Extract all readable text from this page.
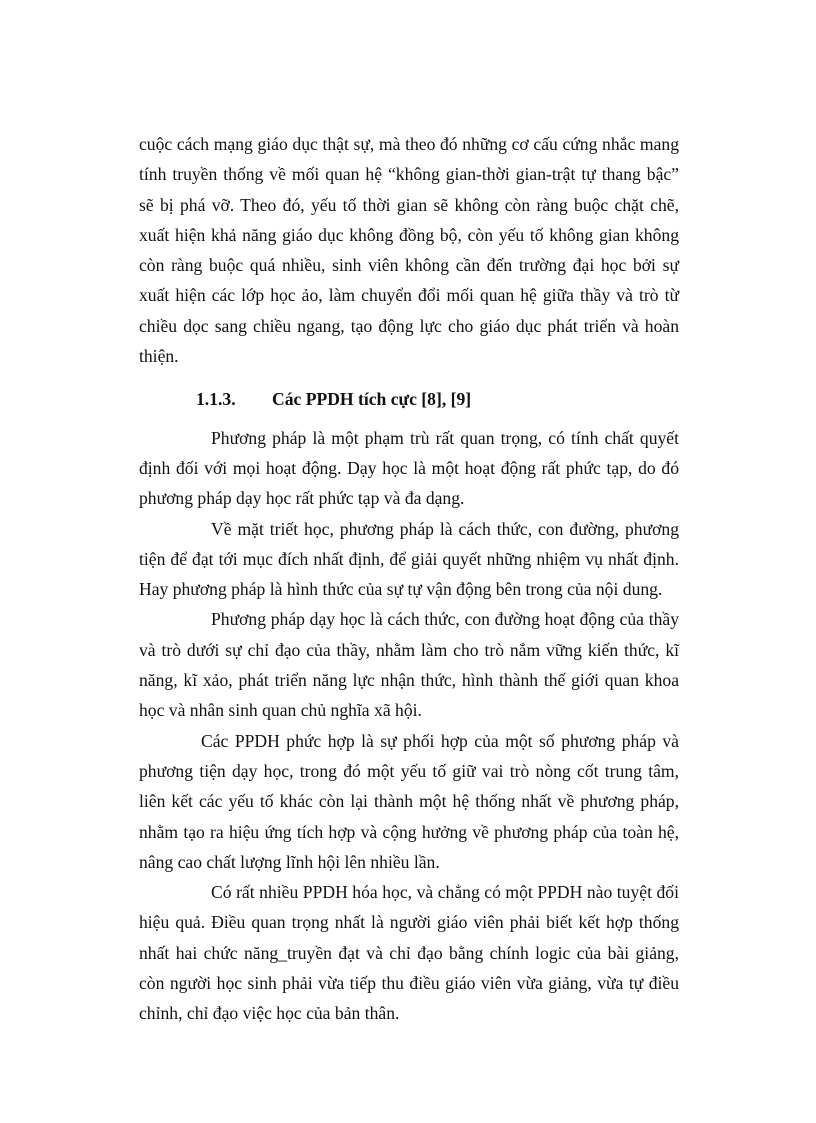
cuộc cách mạng giáo dục thật sự, mà theo đó những cơ cấu cứng nhắc mang tính truyền thống về mối quan hệ “không gian-thời gian-trật tự thang bậc” sẽ bị phá vỡ. Theo đó, yếu tố thời gian sẽ không còn ràng buộc chặt chẽ, xuất hiện khả năng giáo dục không đồng bộ, còn yếu tố không gian không còn ràng buộc quá nhiều, sinh viên không cần đến trường đại học bởi sự xuất hiện các lớp học ảo, làm chuyển đổi mối quan hệ giữa thầy và trò từ chiều dọc sang chiều ngang, tạo động lực cho giáo dục phát triển và hoàn thiện.

1.1.3.	Các PPDH tích cực [8], [9]

Phương pháp là một phạm trù rất quan trọng, có tính chất quyết định đối với mọi hoạt động. Dạy học là một hoạt động rất phức tạp, do đó phương pháp dạy học rất phức tạp và đa dạng.

Về mặt triết học, phương pháp là cách thức, con đường, phương tiện để đạt tới mục đích nhất định, để giải quyết những nhiệm vụ nhất định. Hay phương pháp là hình thức của sự tự vận động bên trong của nội dung.

Phương pháp dạy học là cách thức, con đường hoạt động của thầy và trò dưới sự chỉ đạo của thầy, nhằm làm cho trò nắm vững kiến thức, kĩ năng, kĩ xảo, phát triển năng lực nhận thức, hình thành thế giới quan khoa học và nhân sinh quan chủ nghĩa xã hội.

Các PPDH phức hợp là sự phối hợp của một số phương pháp và phương tiện dạy học, trong đó một yếu tố giữ vai trò nòng cốt trung tâm, liên kết các yếu tố khác còn lại thành một hệ thống nhất về phương pháp, nhằm tạo ra hiệu ứng tích hợp và cộng hưởng về phương pháp của toàn hệ, nâng cao chất lượng lĩnh hội lên nhiều lần.

Có rất nhiều PPDH hóa học, và chẳng có một PPDH nào tuyệt đối hiệu quả. Điều quan trọng nhất là người giáo viên phải biết kết hợp thống nhất hai chức năng_truyền đạt và chỉ đạo bằng chính logic của bài giảng, còn người học sinh phải vừa tiếp thu điều giáo viên vừa giảng, vừa tự điều chỉnh, chỉ đạo việc học của bản thân.
